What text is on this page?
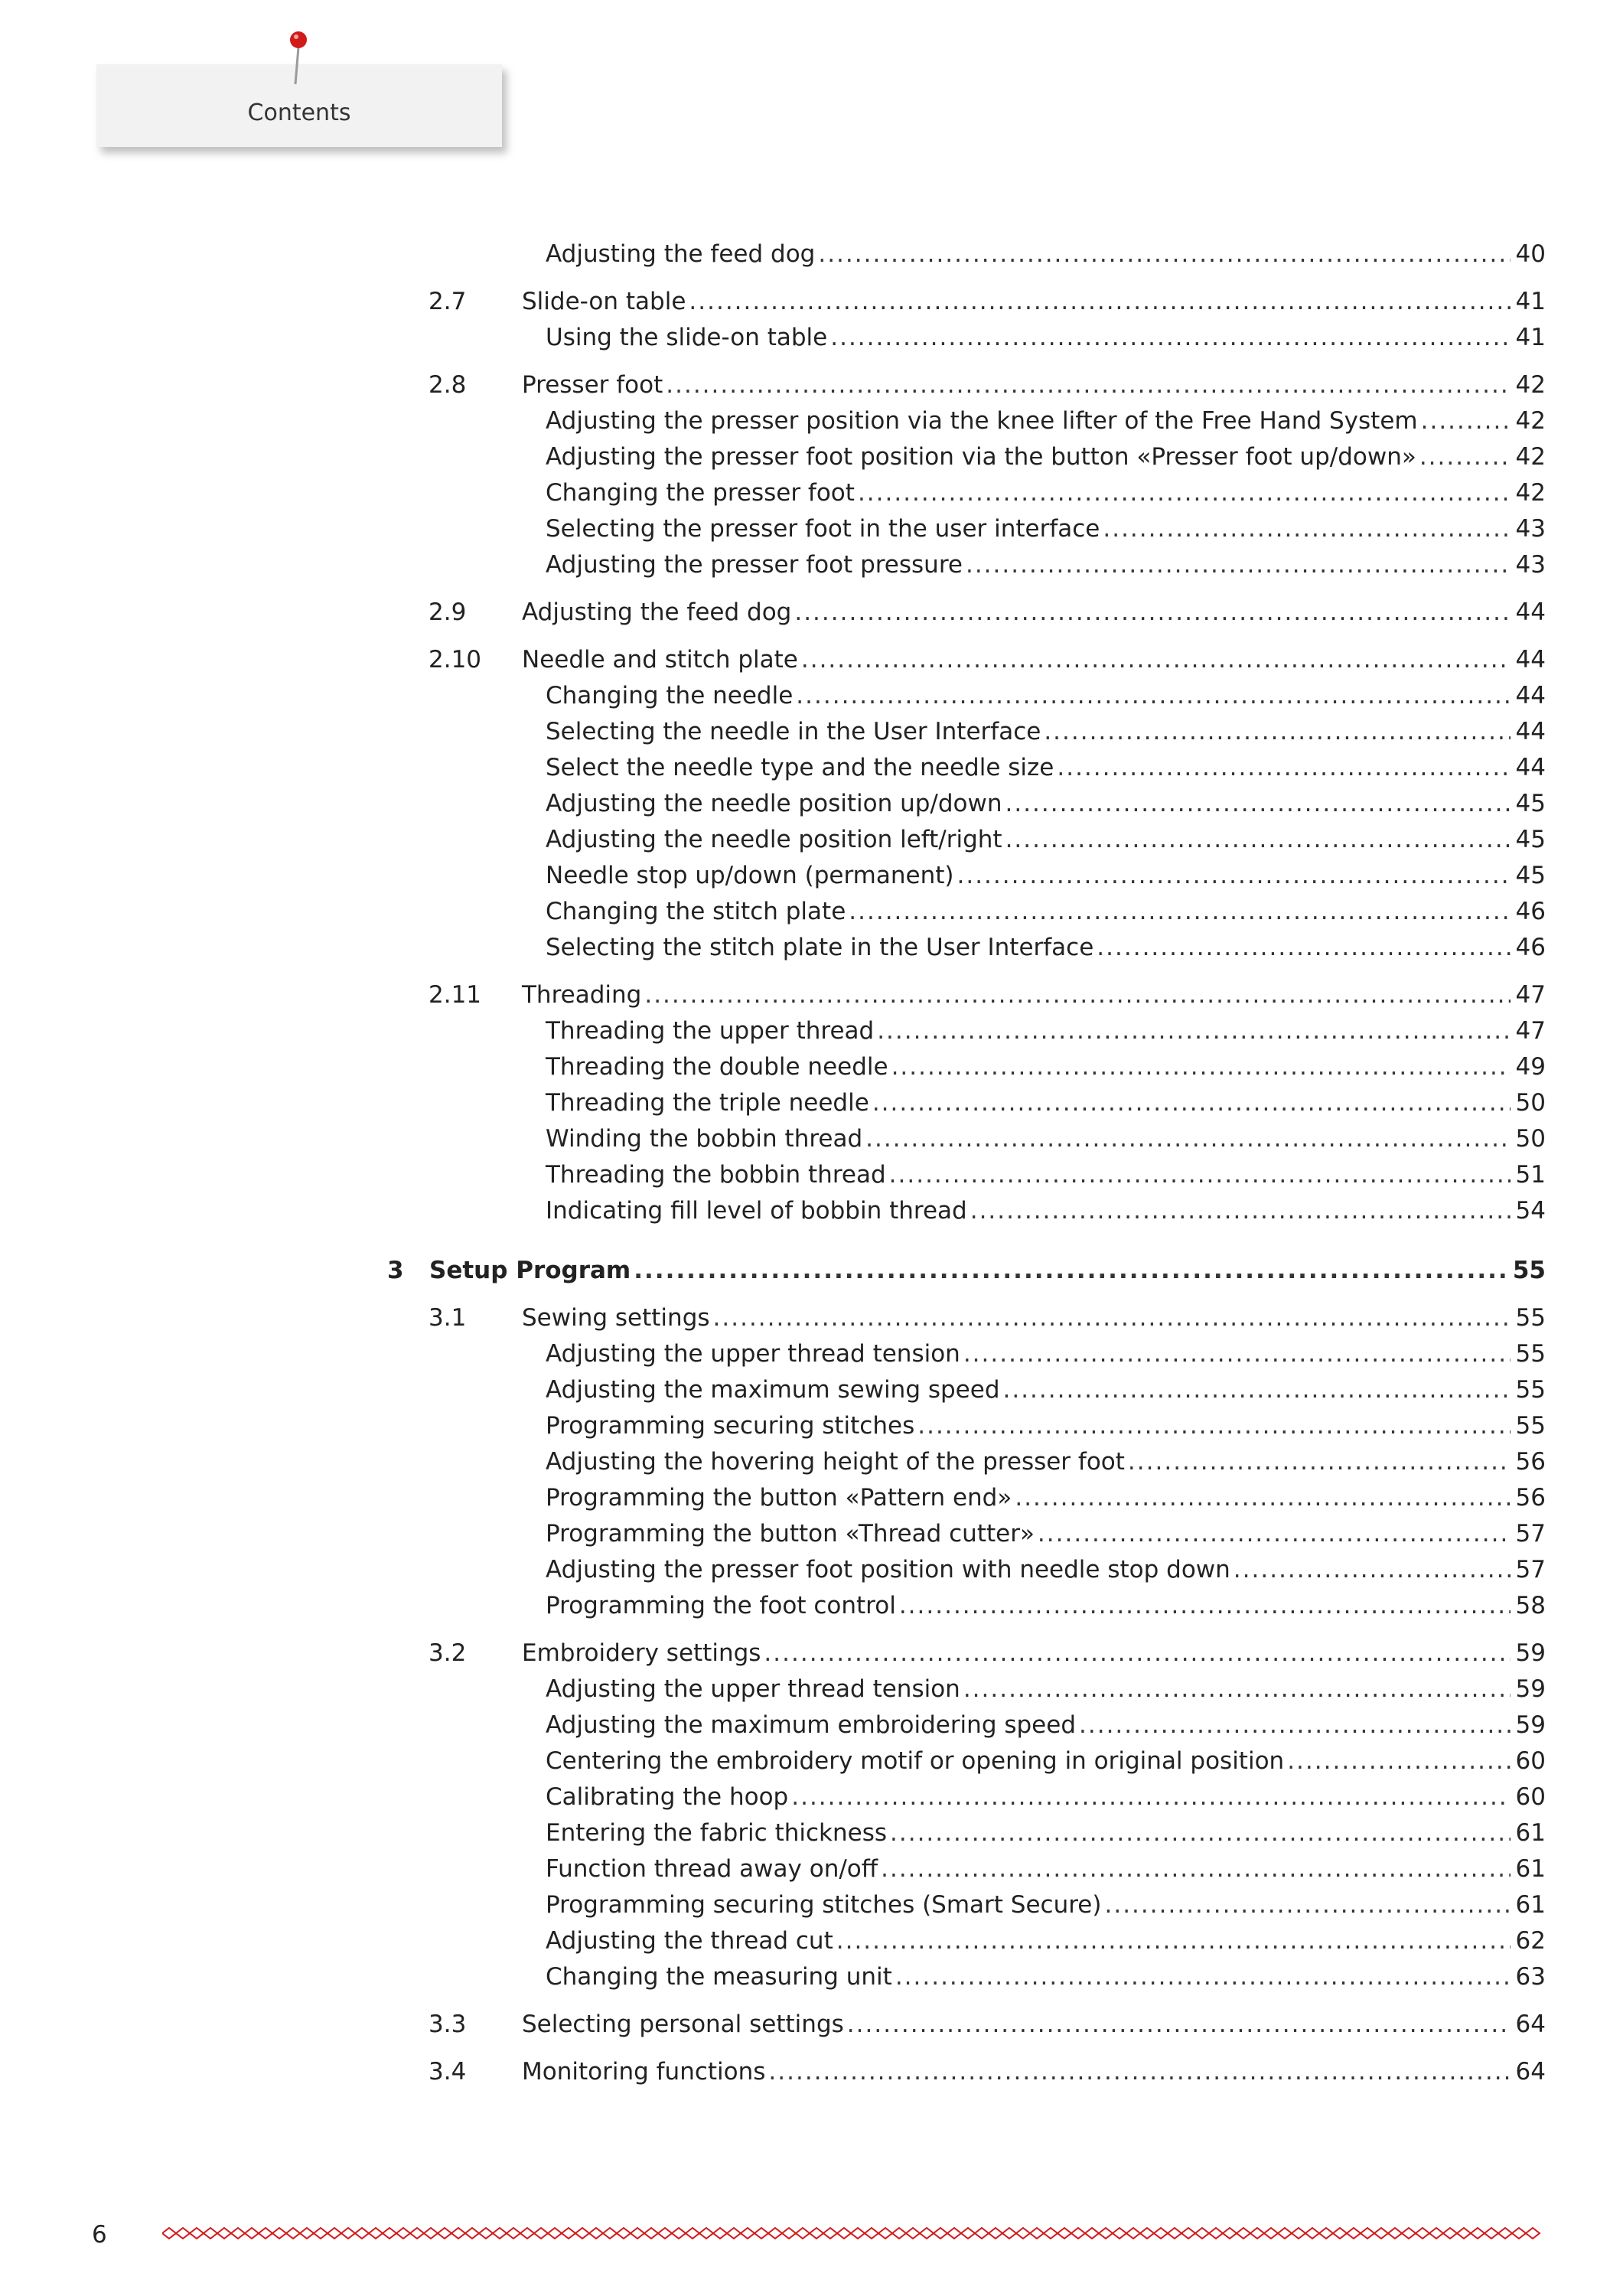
Contents
Adjusting the feed dog .....	40
2.7	Slide-on table .....	41
Using the slide-on table .....	41
2.8	Presser foot .....	42
Adjusting the presser position via the knee lifter of the Free Hand System .....	42
Adjusting the presser foot position via the button «Presser foot up/down» .....	42
Changing the presser foot .....	42
Selecting the presser foot in the user interface .....	43
Adjusting the presser foot pressure .....	43
2.9	Adjusting the feed dog .....	44
2.10	Needle and stitch plate .....	44
Changing the needle .....	44
Selecting the needle in the User Interface .....	44
Select the needle type and the needle size .....	44
Adjusting the needle position up/down .....	45
Adjusting the needle position left/right .....	45
Needle stop up/down (permanent) .....	45
Changing the stitch plate .....	46
Selecting the stitch plate in the User Interface .....	46
2.11	Threading .....	47
Threading the upper thread .....	47
Threading the double needle .....	49
Threading the triple needle .....	50
Winding the bobbin thread .....	50
Threading the bobbin thread .....	51
Indicating fill level of bobbin thread .....	54
3 Setup Program .....	55
3.1	Sewing settings .....	55
Adjusting the upper thread tension .....	55
Adjusting the maximum sewing speed .....	55
Programming securing stitches .....	55
Adjusting the hovering height of the presser foot .....	56
Programming the button «Pattern end» .....	56
Programming the button «Thread cutter» .....	57
Adjusting the presser foot position with needle stop down .....	57
Programming the foot control .....	58
3.2	Embroidery settings .....	59
Adjusting the upper thread tension .....	59
Adjusting the maximum embroidering speed .....	59
Centering the embroidery motif or opening in original position .....	60
Calibrating the hoop .....	60
Entering the fabric thickness .....	61
Function thread away on/off .....	61
Programming securing stitches (Smart Secure) .....	61
Adjusting the thread cut .....	62
Changing the measuring unit .....	63
3.3	Selecting personal settings .....	64
3.4	Monitoring functions .....	64
6
